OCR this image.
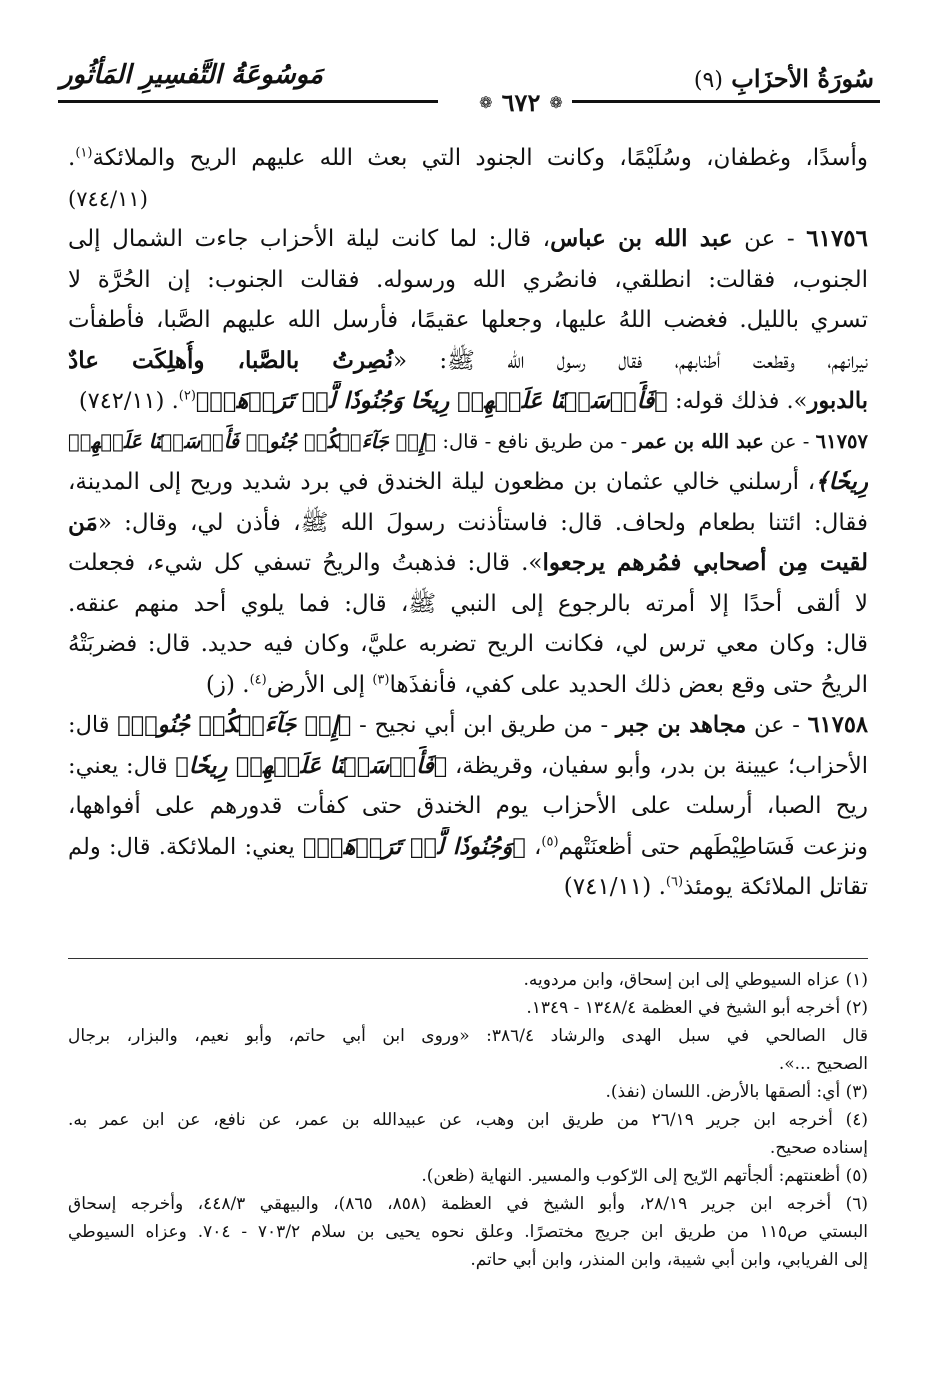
سُورَةُ الأحزَابِ (٩)
مَوسُوعَةُ التَّفسِيرِ المَأثُور
❁ ٦٧٢ ❁
وأسدًا، وغطفان، وسُلَيْمًا، وكانت الجنود التي بعث الله عليهم الريح والملائكة$^{(١)}$.
(٧٤٤/١١)
٦١٧٥٦ - عن عبد الله بن عباس، قال: لما كانت ليلة الأحزاب جاءت الشمال إلى
الجنوب، فقالت: انطلقي، فانصُري الله ورسوله. فقالت الجنوب: إن الحُرَّة لا
تسري بالليل. فغضب اللهُ عليها، وجعلها عقيمًا، فأرسل الله عليهم الصَّبا، فأطفأت
نيرانهم، وقطعت أطنابهم، فقال رسول الله ﷺ: «نُصِرتُ بالصَّبا، وأُهلِكَت عادٌ
بالدبور». فذلك قوله: ﴿فَأَرۡسَلۡنَا عَلَيۡهِمۡ رِيحٗا وَجُنُودٗا لَّمۡ تَرَوۡهَاۚ﴾$^{(٢)}$. (٧٤٢/١١)
٦١٧٥٧ - عن عبد الله بن عمر - من طريق نافع - قال: ﴿إِذۡ جَآءَتۡكُمۡ جُنُودٞ فَأَرۡسَلۡنَا عَلَيۡهِمۡ
رِيحٗا﴾، أرسلني خالي عثمان بن مظعون ليلة الخندق في برد شديد وريح إلى المدينة،
فقال: ائتنا بطعام ولحاف. قال: فاستأذنت رسولَ الله ﷺ، فأذن لي، وقال: «مَن
لقيت مِن أصحابي فمُرهم يرجعوا». قال: فذهبتُ والريحُ تسفي كل شيء، فجعلت
لا ألقى أحدًا إلا أمرته بالرجوع إلى النبي ﷺ، قال: فما يلوي أحد منهم عنقه.
قال: وكان معي ترس لي، فكانت الريح تضربه عليَّ، وكان فيه حديد. قال: فضربَتْهُ
الريحُ حتى وقع بعض ذلك الحديد على كفي، فأنفذَها$^{(٣)}$ إلى الأرض$^{(٤)}$. (ز)
٦١٧٥٨ - عن مجاهد بن جبر - من طريق ابن أبي نجيح - ﴿إِذۡ جَآءَتۡكُمۡ جُنُودٞ﴾ قال:
الأحزاب؛ عيينة بن بدر، وأبو سفيان، وقريظة، ﴿فَأَرۡسَلۡنَا عَلَيۡهِمۡ رِيحٗا﴾ قال: يعني:
ريح الصبا، أرسلت على الأحزاب يوم الخندق حتى كفأت قدورهم على أفواهها،
ونزعت فَسَاطِيْطَهم حتى أظعنَتْهم$^{(٥)}$، ﴿وَجُنُودٗا لَّمۡ تَرَوۡهَاۚ﴾ يعني: الملائكة. قال: ولم
تقاتل الملائكة يومئذ$^{(٦)}$. (٧٤١/١١)
(١) عزاه السيوطي إلى ابن إسحاق، وابن مردويه.
(٢) أخرجه أبو الشيخ في العظمة ١٣٤٨/٤ - ١٣٤٩.
قال الصالحي في سبل الهدى والرشاد ٣٨٦/٤: «وروى ابن أبي حاتم، وأبو نعيم، والبزار، برجال
الصحيح ...».
(٣) أي: ألصقها بالأرض. اللسان (نفذ).
(٤) أخرجه ابن جرير ٢٦/١٩ من طريق ابن وهب، عن عبيدالله بن عمر، عن نافع، عن ابن عمر به.
إسناده صحيح.
(٥) أظعنتهم: ألجأتهم الرّيح إلى الرّكوب والمسير. النهاية (ظعن).
(٦) أخرجه ابن جرير ٢٨/١٩، وأبو الشيخ في العظمة (٨٥٨، ٨٦٥)، والبيهقي ٤٤٨/٣، وأخرجه إسحاق
البستي ص١١٥ من طريق ابن جريج مختصرًا. وعلق نحوه يحيى بن سلام ٧٠٣/٢ - ٧٠٤. وعزاه السيوطي
إلى الفريابي، وابن أبي شيبة، وابن المنذر، وابن أبي حاتم.
